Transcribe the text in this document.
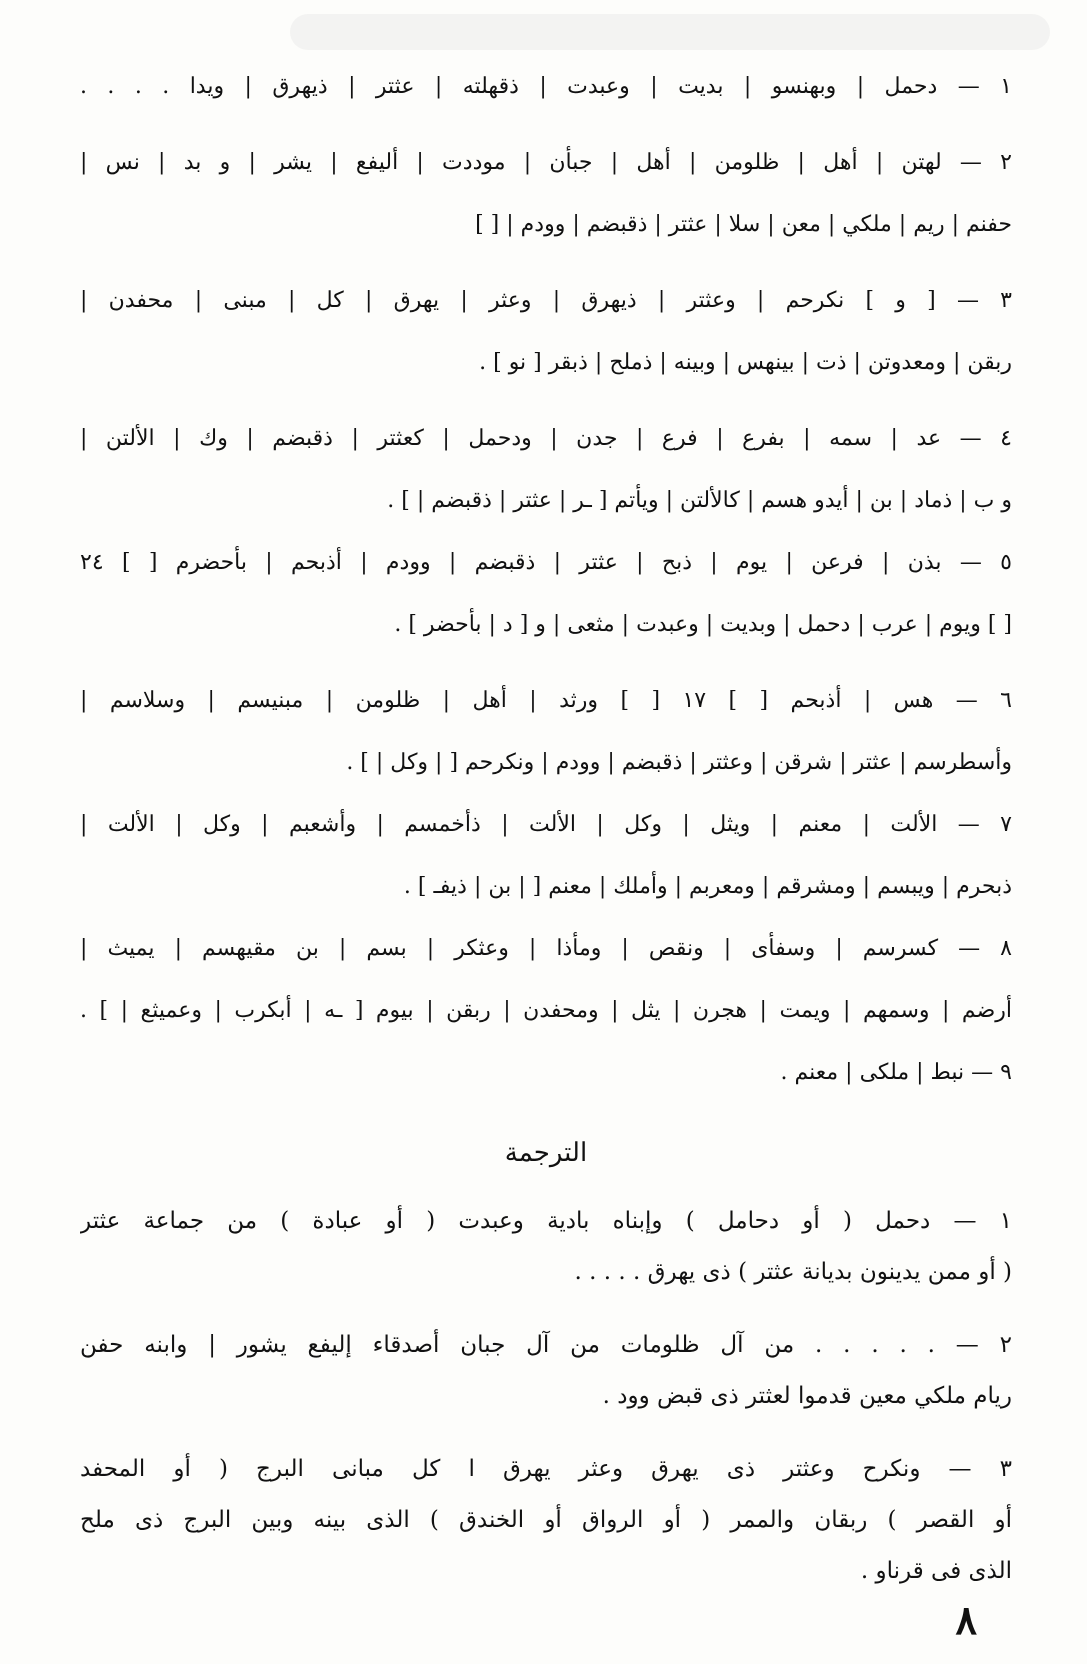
١ — دحمل | وبهنسو | بديت | وعبدت | ذقهلته | عثتر | ذيهرق | ويدا . . . .

٢ — لهتن | أهل | ظلومن | أهل | جبأن | موددت | أليفع | يشر | و بد | نس |

حفنم | ريم | ملكي | معن | سلا | عثتر | ذقبضم | وودم | [ ]

٣ — [ و ] نكرحم | وعثتر | ذيهرق | وعثر | يهرق | كل | مبنى | محفدن |

ربقن | ومعدوتن | ذت | بينهس | وبينه | ذملح | ذبقر [ نو ] .

٤ — عد | سمه | بفرع | فرع | جدن | ودحمل | كعثتر | ذقبضم | وك | الألتن |

و ب | ذماد | بن | أيدو هسم | كالألتن | ويأتم [ ـر | عثتر | ذقبضم | ] .

٥ — بذن | فرعن | يوم | ذبح | عثتر | ذقبضم | وودم | أذبحم | بأحضرم [ ] ٢٤

[ ] ويوم | عرب | دحمل | وبديت | وعبدت | مثعى | و [ د | بأحضر ] .

٦ — هس | أذبحم [ ] ١٧ [ ] ورثد | أهل | ظلومن | مبنيسم | وسلاسم |

وأسطرسم | عثتر | شرقن | وعثتر | ذقبضم | وودم | ونكرحم [ | وكل | ] .

٧ — الألت | معنم | ويثل | وكل | الألت | ذأخمسم | وأشعبم | وكل | الألت |

ذبحرم | ويبسم | ومشرقم | ومعربم | وأملك | معنم [ | بن | ذيفـ ] .

٨ — كسرسم | وسفأى | ونقص | ومأذا | وعثكر | بسم | بن مقيهسم | يميث |

أرضم | وسمهم | ويمت | هجرن | يثل | ومحفدن | ربقن | بيوم [ ـه | أبكرب | وعميثع | ] .

٩ — نبط | ملكى | معنم .

الترجمة

١ — دحمل ( أو دحامل ) وإبناه بادية وعبدت ( أو عبادة ) من جماعة عثتر

( أو ممن يدينون بديانة عثتر ) ذى يهرق . . . . .

٢ — . . . . . من آل ظلومات من آل جبان أصدقاء إليفع يشور | وابنه حفن

ريام ملكي معين قدموا لعثتر ذى قبض وود .

٣ — ونكرح وعثتر ذى يهرق وعثر يهرق ا كل مبانى البرج ( أو المحفد

أو القصر ) ربقان والممر ( أو الرواق أو الخندق ) الذى بينه وبين البرج ذى ملح

الذى فى قرناو .

٨
